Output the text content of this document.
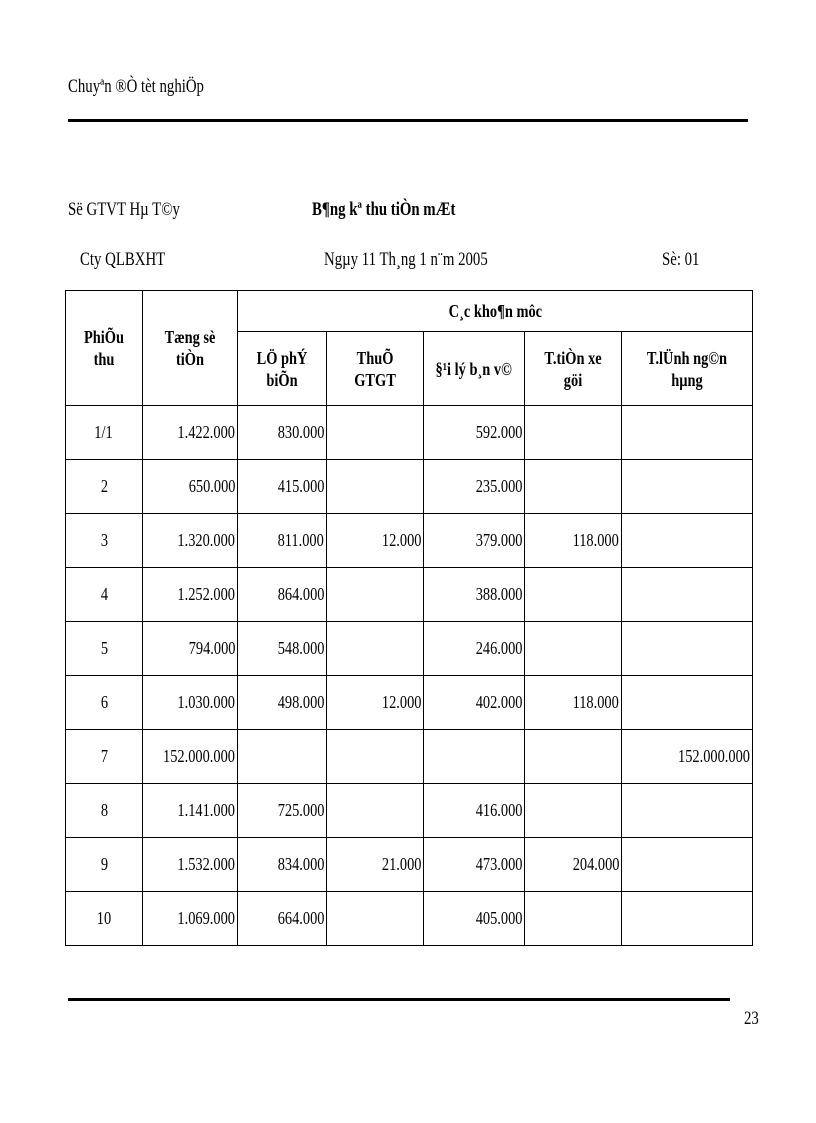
Chuyªn ®Ò tèt nghiÖp
Së GTVT Hµ T©y	B¶ng kª thu tiÒn mÆt
Cty QLBXHT	Ngµy 11 Th¸ng 1 n¨m 2005	Sè: 01
PhiÕu thu	Tæng sè tiÒn	C¸c kho¶n môc				
		LÖ phÝ biÕn	ThuÕ GTGT	§¹i lý b¸n v©	T.tiÒn xe göi	T.lÜnh ng©n hµng
1/1	1.422.000	830.000		592.000		
2	650.000	415.000		235.000		
3	1.320.000	811.000	12.000	379.000	118.000	
4	1.252.000	864.000		388.000		
5	794.000	548.000		246.000		
6	1.030.000	498.000	12.000	402.000	118.000	
7	152.000.000					152.000.000
8	1.141.000	725.000		416.000		
9	1.532.000	834.000	21.000	473.000	204.000	
10	1.069.000	664.000		405.000		
23
